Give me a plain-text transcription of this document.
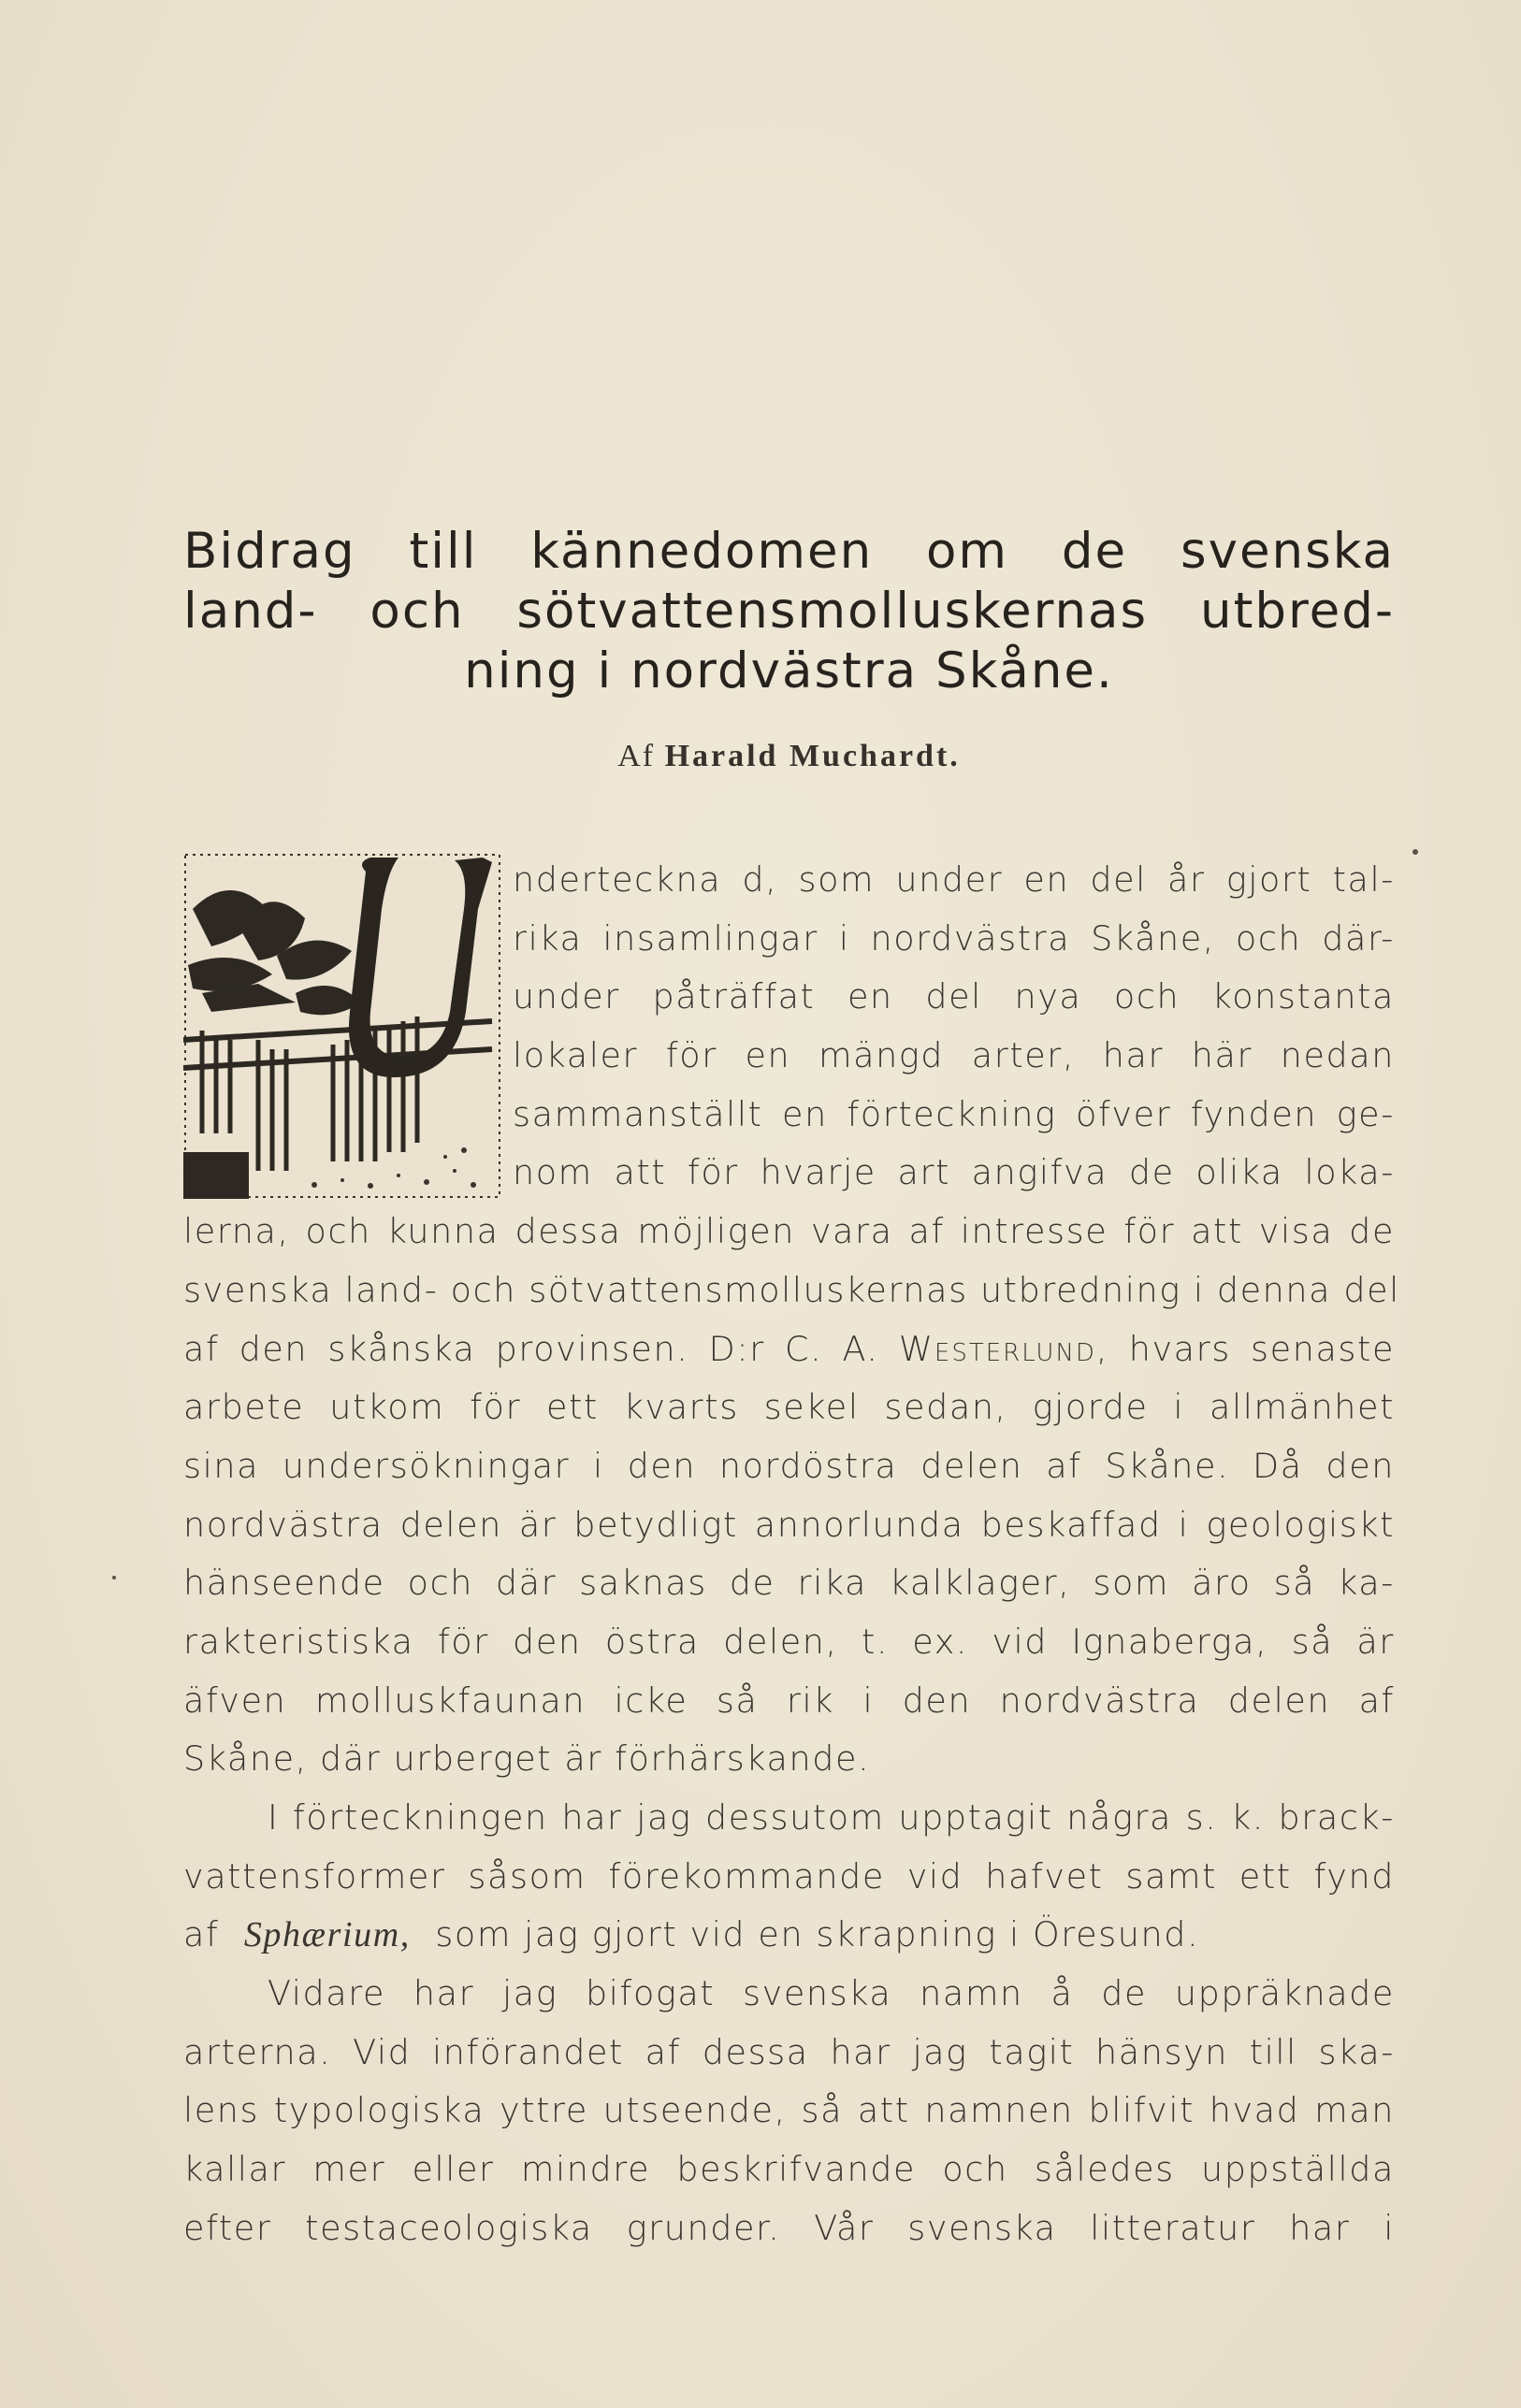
Bidrag till kännedomen om de svenska
land- och sötvattensmolluskernas utbred-
ning i nordvästra Skåne.
Af Harald Muchardt.
V
nderteckna d, som under en del år gjort tal-
rika insamlingar i nordvästra Skåne, och där-
under påträffat en del nya och konstanta
lokaler för en mängd arter, har här nedan
sammanställt en förteckning öfver fynden ge-
nom att för hvarje art angifva de olika loka-
lerna, och kunna dessa möjligen vara af intresse för att visa de
svenska land- och sötvattensmolluskernas utbredning i denna del
af den skånska provinsen. D:r C. A. Westerlund, hvars senaste
arbete utkom för ett kvarts sekel sedan, gjorde i allmänhet
sina undersökningar i den nordöstra delen af Skåne. Då den
nordvästra delen är betydligt annorlunda beskaffad i geologiskt
hänseende och där saknas de rika kalklager, som äro så ka-
rakteristiska för den östra delen, t. ex. vid Ignaberga, så är
äfven molluskfaunan icke så rik i den nordvästra delen af
Skåne, där urberget är förhärskande.
I förteckningen har jag dessutom upptagit några s. k. brack-
vattensformer såsom förekommande vid hafvet samt ett fynd
af Sphærium, som jag gjort vid en skrapning i Öresund.
Vidare har jag bifogat svenska namn å de uppräknade
arterna. Vid införandet af dessa har jag tagit hänsyn till ska-
lens typologiska yttre utseende, så att namnen blifvit hvad man
kallar mer eller mindre beskrifvande och således uppställda
efter testaceologiska grunder. Vår svenska litteratur har i
